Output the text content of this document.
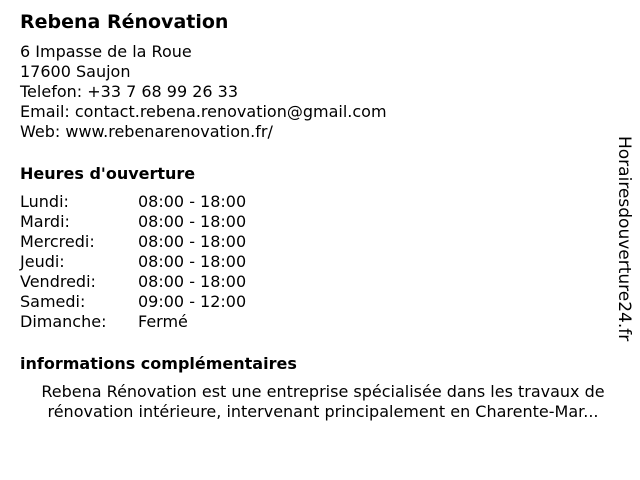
Rebena Rénovation
6 Impasse de la Roue
17600 Saujon
Telefon: +33 7 68 99 26 33
Email: contact.rebena.renovation@gmail.com
Web: www.rebenarenovation.fr/
Heures d'ouverture
Lundi:	08:00 - 18:00
Mardi:	08:00 - 18:00
Mercredi:	08:00 - 18:00
Jeudi:	08:00 - 18:00
Vendredi:	08:00 - 18:00
Samedi:	09:00 - 12:00
Dimanche:	Fermé
informations complémentaires
Rebena Rénovation est une entreprise spécialisée dans les travaux de
rénovation intérieure, intervenant principalement en Charente-Mar...
Horairesdouverture24.fr
